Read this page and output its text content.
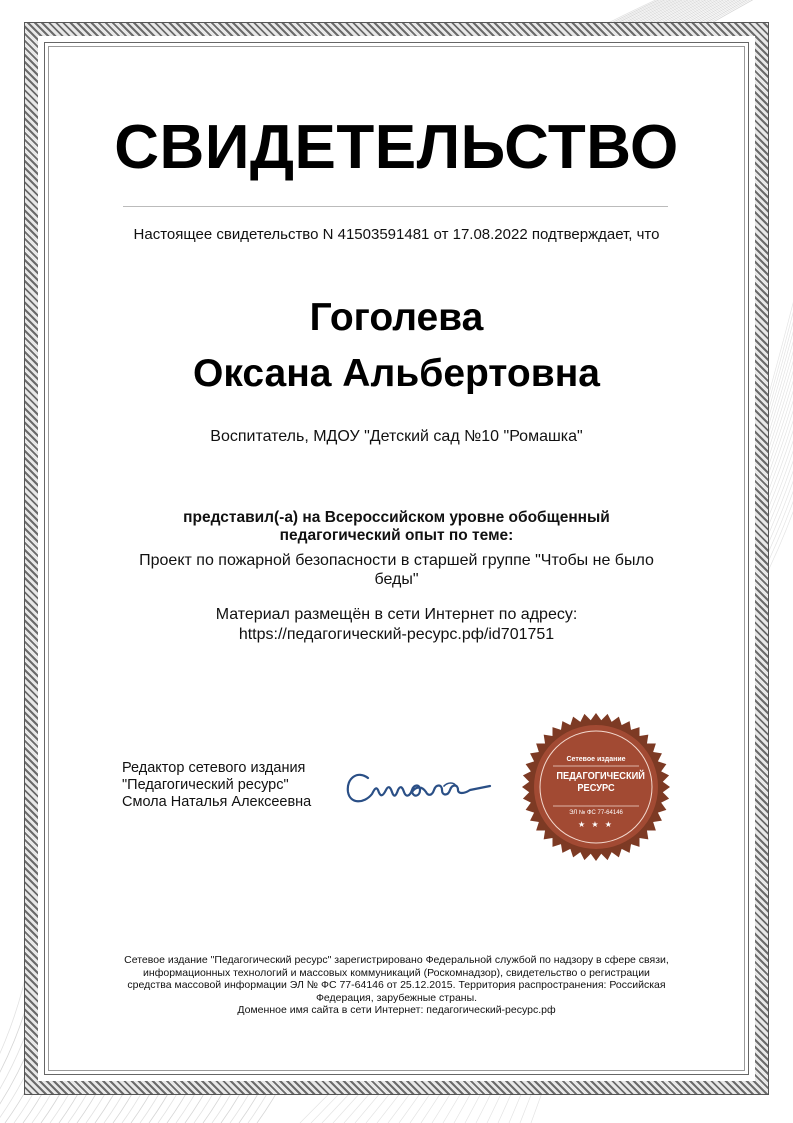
СВИДЕТЕЛЬСТВО
Настоящее свидетельство N 41503591481 от 17.08.2022 подтверждает, что
Гоголева
Оксана Альбертовна
Воспитатель, МДОУ "Детский сад №10 "Ромашка"
представил(-а) на Всероссийском уровне обобщенный педагогический опыт по теме:
Проект по пожарной безопасности в старшей группе "Чтобы не было беды"
Материал размещён в сети Интернет по адресу:
https://педагогический-ресурс.рф/id701751
Редактор сетевого издания
"Педагогический ресурс"
Смола Наталья Алексеевна
Сетевое издание
ПЕДАГОГИЧЕСКИЙ РЕСУРС
ЭЛ № ФС 77-64146
★ ★ ★
Сетевое издание "Педагогический ресурс" зарегистрировано Федеральной службой по надзору в сфере связи, информационных технологий и массовых коммуникаций (Роскомнадзор), свидетельство о регистрации средства массовой информации ЭЛ № ФС 77-64146 от 25.12.2015. Территория распространения: Российская Федерация, зарубежные страны.
Доменное имя сайта в сети Интернет: педагогический-ресурс.рф
